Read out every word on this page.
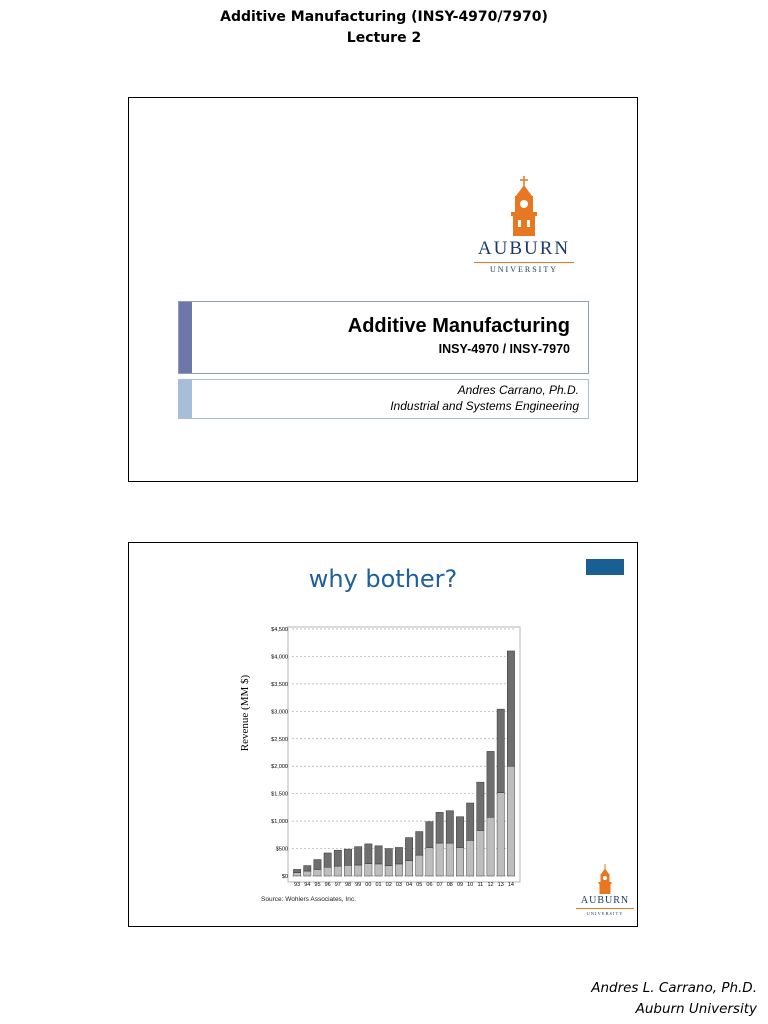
Additive Manufacturing (INSY-4970/7970)
Lecture 2
AUBURN
UNIVERSITY
Additive Manufacturing
INSY-4970 / INSY-7970
Andres Carrano, Ph.D.
Industrial and Systems Engineering
why bother?
Revenue (MM $)
$0
$500
$1,000
$1,500
$2,000
$2,500
$3,000
$3,500
$4,000
$4,500
93 94 95 96 97 98 99 00 01 02 03 04 05 06 07 08 09 10 11 12 13 14
Source: Wohlers Associates, Inc.	AUBURN
UNIVERSITY
Andres L. Carrano, Ph.D.
Auburn University
